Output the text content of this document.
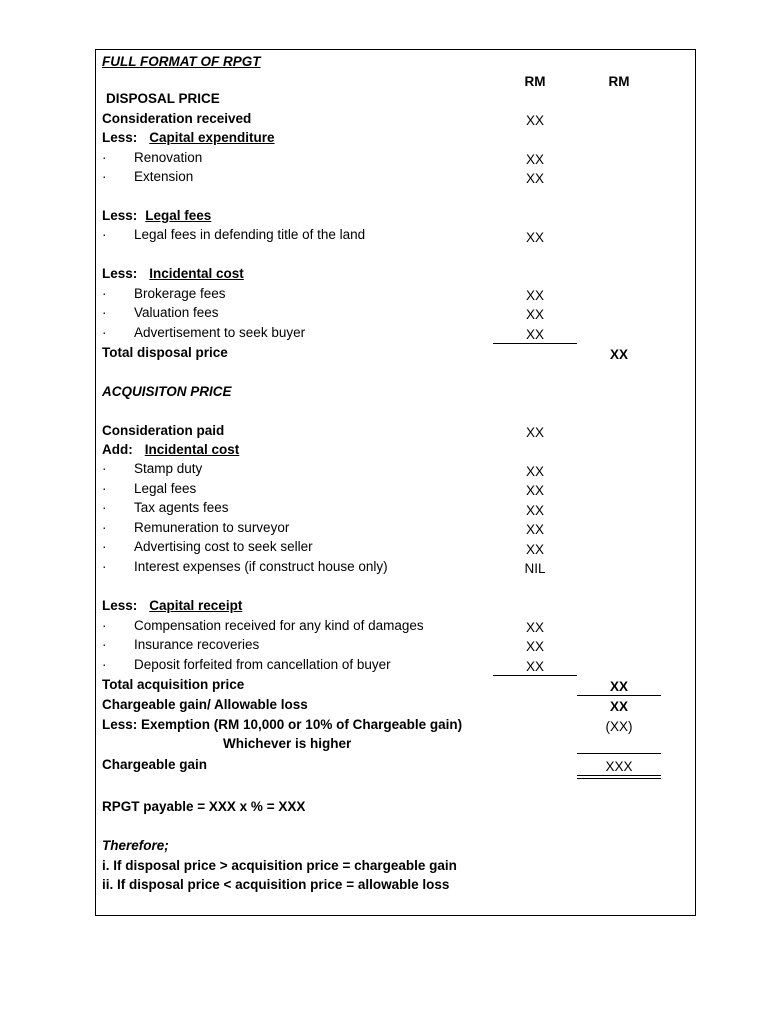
FULL FORMAT OF RPGT
RM	RM
DISPOSAL PRICE
Consideration received	XX
Less: Capital expenditure
· Renovation	XX
· Extension	XX
Less: Legal fees
· Legal fees in defending title of the land	XX
Less: Incidental cost
· Brokerage fees	XX
· Valuation fees	XX
· Advertisement to seek buyer	XX
Total disposal price	XX
ACQUISITON PRICE
Consideration paid	XX
Add: Incidental cost
· Stamp duty	XX
· Legal fees	XX
· Tax agents fees	XX
· Remuneration to surveyor	XX
· Advertising cost to seek seller	XX
· Interest expenses (if construct house only)	NIL
Less: Capital receipt
· Compensation received for any kind of damages	XX
· Insurance recoveries	XX
· Deposit forfeited from cancellation of buyer	XX
Total acquisition price	XX
Chargeable gain/ Allowable loss	XX
Less: Exemption (RM 10,000 or 10% of Chargeable gain)	(XX)
Whichever is higher
Chargeable gain	XXX
RPGT payable = XXX x % = XXX
Therefore;
i. If disposal price > acquisition price = chargeable gain
ii. If disposal price < acquisition price = allowable loss
